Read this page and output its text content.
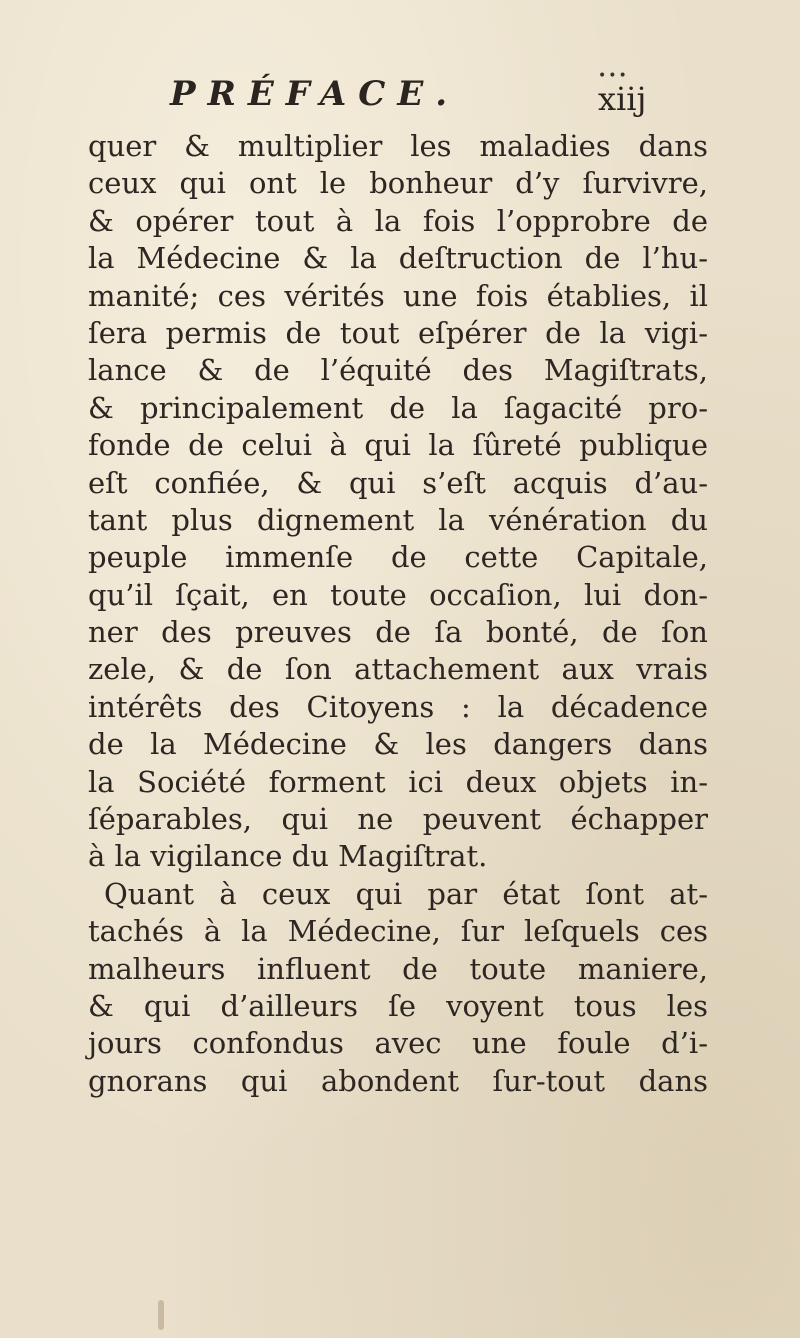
PRÉFACE.	•••
xiij
quer & multiplier les maladies dans
ceux qui ont le bonheur d’y ſurvivre,
& opérer tout à la fois l’opprobre de
la Médecine & la deſtruction de l’hu-
manité; ces vérités une fois établies, il
ſera permis de tout eſpérer de la vigi-
lance & de l’équité des Magiſtrats,
& principalement de la ſagacité pro-
fonde de celui à qui la ſûreté publique
eſt confiée, & qui s’eſt acquis d’au-
tant plus dignement la vénération du
peuple immenſe de cette Capitale,
qu’il ſçait, en toute occaſion, lui don-
ner des preuves de ſa bonté, de ſon
zele, & de ſon attachement aux vrais
intérêts des Citoyens : la décadence
de la Médecine & les dangers dans
la Société forment ici deux objets in-
ſéparables, qui ne peuvent échapper
à la vigilance du Magiſtrat.
Quant à ceux qui par état ſont at-
tachés à la Médecine, ſur leſquels ces
malheurs influent de toute maniere,
& qui d’ailleurs ſe voyent tous les
jours confondus avec une foule d’i-
gnorans qui abondent ſur-tout dans
